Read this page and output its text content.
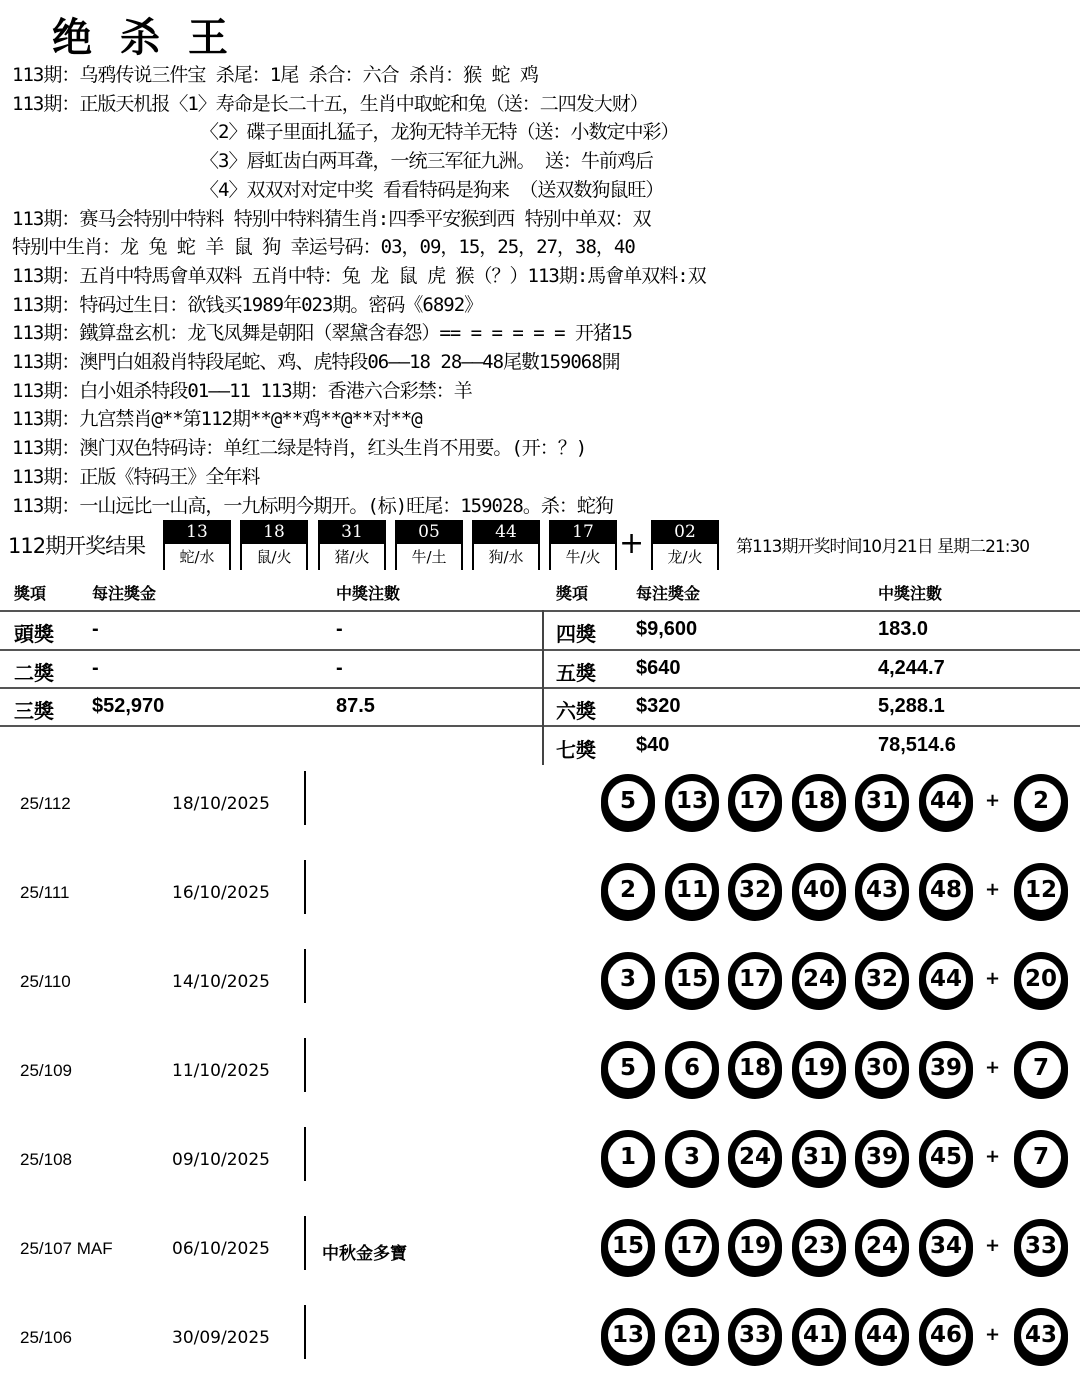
绝杀王
113期：乌鸦传说三件宝 杀尾：1尾 杀合：六合 杀肖：猴 蛇 鸡
113期：正版天机报〈1〉寿命是长二十五，生肖中取蛇和兔（送：二四发大财）
〈2〉碟子里面扎猛子，龙狗无特羊无特（送：小数定中彩）
〈3〉唇虹齿白两耳聋，一统三军征九洲。 送：牛前鸡后
〈4〉双双对对定中奖 看看特码是狗来 （送双数狗鼠旺）
113期：赛马会特别中特料 特别中特料猜生肖:四季平安猴到西 特别中单双：双
特别中生肖：龙 兔 蛇 羊 鼠 狗 幸运号码：03，09，15，25，27，38，40
113期：五肖中特馬會单双料 五肖中特：兔 龙 鼠 虎 猴（？）113期:馬會单双料:双
113期：特码过生日：欲钱买1989年023期。密码《6892》
113期：鐵算盘玄机：龙飞凤舞是朝阳（翠黛含春怨）== = = = = = 开猪15
113期：澳門白姐殺肖特段尾蛇、鸡、虎特段06——18 28——48尾數159068開
113期：白小姐杀特段01——11 113期：香港六合彩禁：羊
113期：九宫禁肖@**第112期**@**鸡**@**对**@
113期：澳门双色特码诗：单红二绿是特肖，红头生肖不用要。(开：？)
113期：正版《特码王》全年料
113期：一山远比一山高，一九标明今期开。(标)旺尾：159028。杀：蛇狗
112期开奖结果
13
蛇/水
18
鼠/火
31
猪/火
05
牛/土
44
狗/水
17
牛/火
02
龙/火
+	第113期开奖时间10月21日 星期二21:30
獎項	每注獎金	中獎注數	獎項	每注獎金	中獎注數
頭獎 -	-
二獎 -	-
三獎 $52,970	87.5
四獎 $9,600	183.0
五獎 $640	4,244.7
六獎 $320	5,288.1
七獎 $40	78,514.6
25/112	18/10/2025	5	13	17	18	31	44	+	2
25/111	16/10/2025	2	11	32	40	43	48	+	12
25/110	14/10/2025	3	15	17	24	32	44	+	20
25/109	11/10/2025	5	6	18	19	30	39	+	7
25/108	09/10/2025	1	3	24	31	39	45	+	7
25/107 MAF	06/10/2025	中秋金多寶	15	17	19	23	24	34	+	33
25/106	30/09/2025	13	21	33	41	44	46	+	43
